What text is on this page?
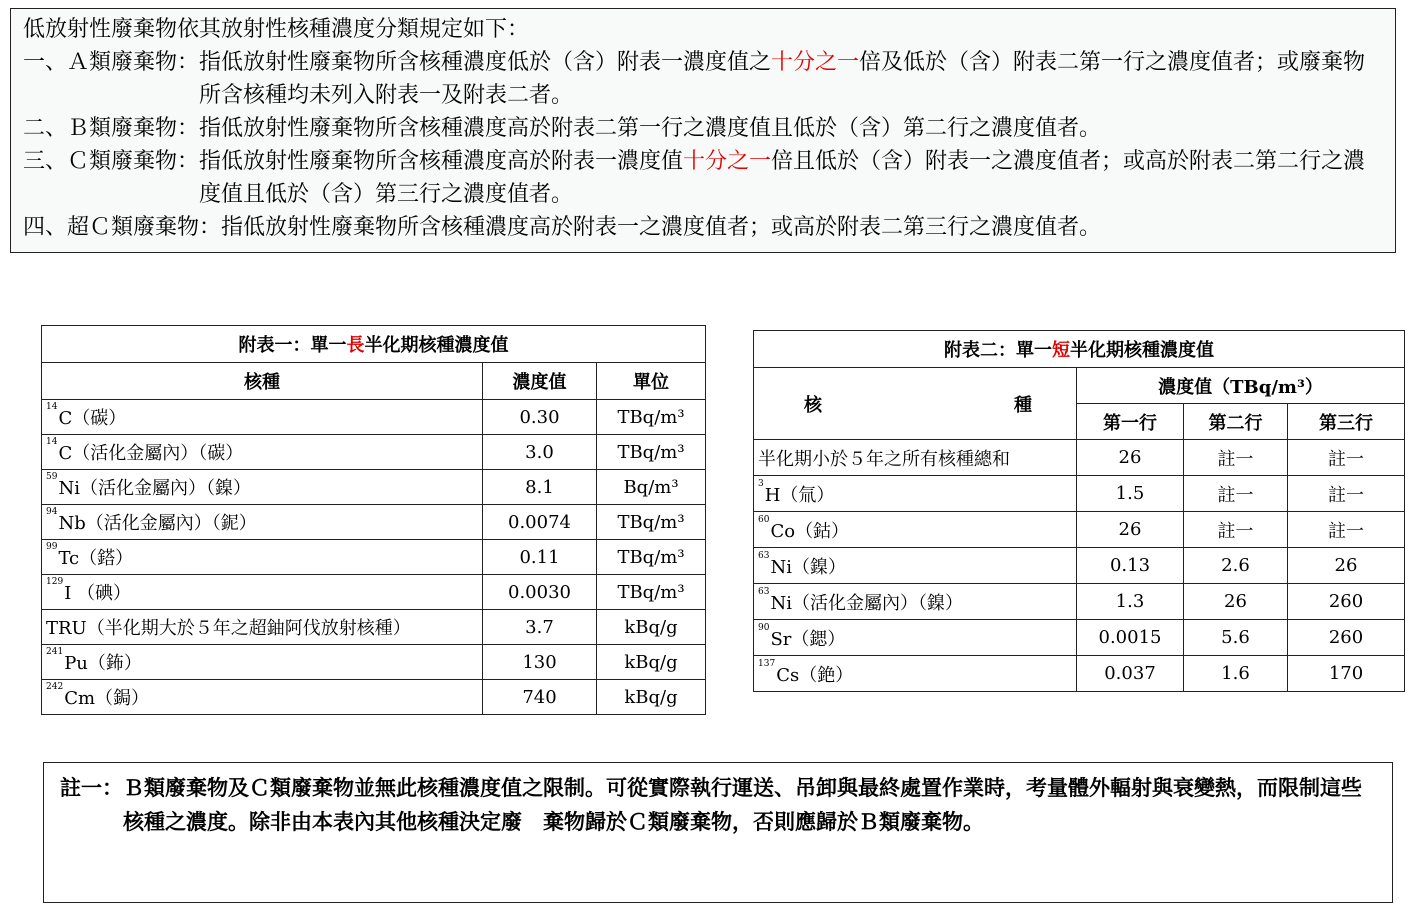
低放射性廢棄物依其放射性核種濃度分類規定如下：
一、Ａ類廢棄物： 指低放射性廢棄物所含核種濃度低於（含）附表一濃度值之十分之一倍及低於（含）附表二第一行之濃度值者；或廢棄物所含核種均未列入附表一及附表二者。
二、Ｂ類廢棄物： 指低放射性廢棄物所含核種濃度高於附表二第一行之濃度值且低於（含）第二行之濃度值者。
三、Ｃ類廢棄物： 指低放射性廢棄物所含核種濃度高於附表一濃度值十分之一倍且低於（含）附表一之濃度值者；或高於附表二第二行之濃度值且低於（含）第三行之濃度值者。
四、超Ｃ類廢棄物： 指低放射性廢棄物所含核種濃度高於附表一之濃度值者；或高於附表二第三行之濃度值者。
附表一：單一長半化期核種濃度值		
核種	濃度值	單位
$^{14}$C（碳）	0.30	TBq/m³
$^{14}$C（活化金屬內）（碳）	3.0	TBq/m³
$^{59}$Ni（活化金屬內）（鎳）	8.1	Bq/m³
$^{94}$Nb（活化金屬內）（鈮）	0.0074	TBq/m³
$^{99}$Tc（鎝）	0.11	TBq/m³
$^{129}$I （碘）	0.0030	TBq/m³
TRU（半化期大於５年之超鈾阿伐放射核種）	3.7	kBq/g
$^{241}$Pu（鈽）	130	kBq/g
$^{242}$Cm（鋦）	740	kBq/g
附表二：單一短半化期核種濃度值			

核 種	濃度值（TBq/m³）		
	第一行	第二行	第三行
半化期小於５年之所有核種總和	26	註一	註一
$^3$H（氚）	1.5	註一	註一
$^{60}$Co（鈷）	26	註一	註一
$^{63}$Ni（鎳）	0.13	2.6	26
$^{63}$Ni（活化金屬內）（鎳）	1.3	26	260
$^{90}$Sr（鍶）	0.0015	5.6	260
$^{137}$Cs（銫）	0.037	1.6	170
註一： Ｂ類廢棄物及Ｃ類廢棄物並無此核種濃度值之限制。可從實際執行運送、吊卸與最終處置作業時，考量體外輻射與衰變熱，而限制這些核種之濃度。除非由本表內其他核種決定廢　棄物歸於Ｃ類廢棄物，否則應歸於Ｂ類廢棄物。
